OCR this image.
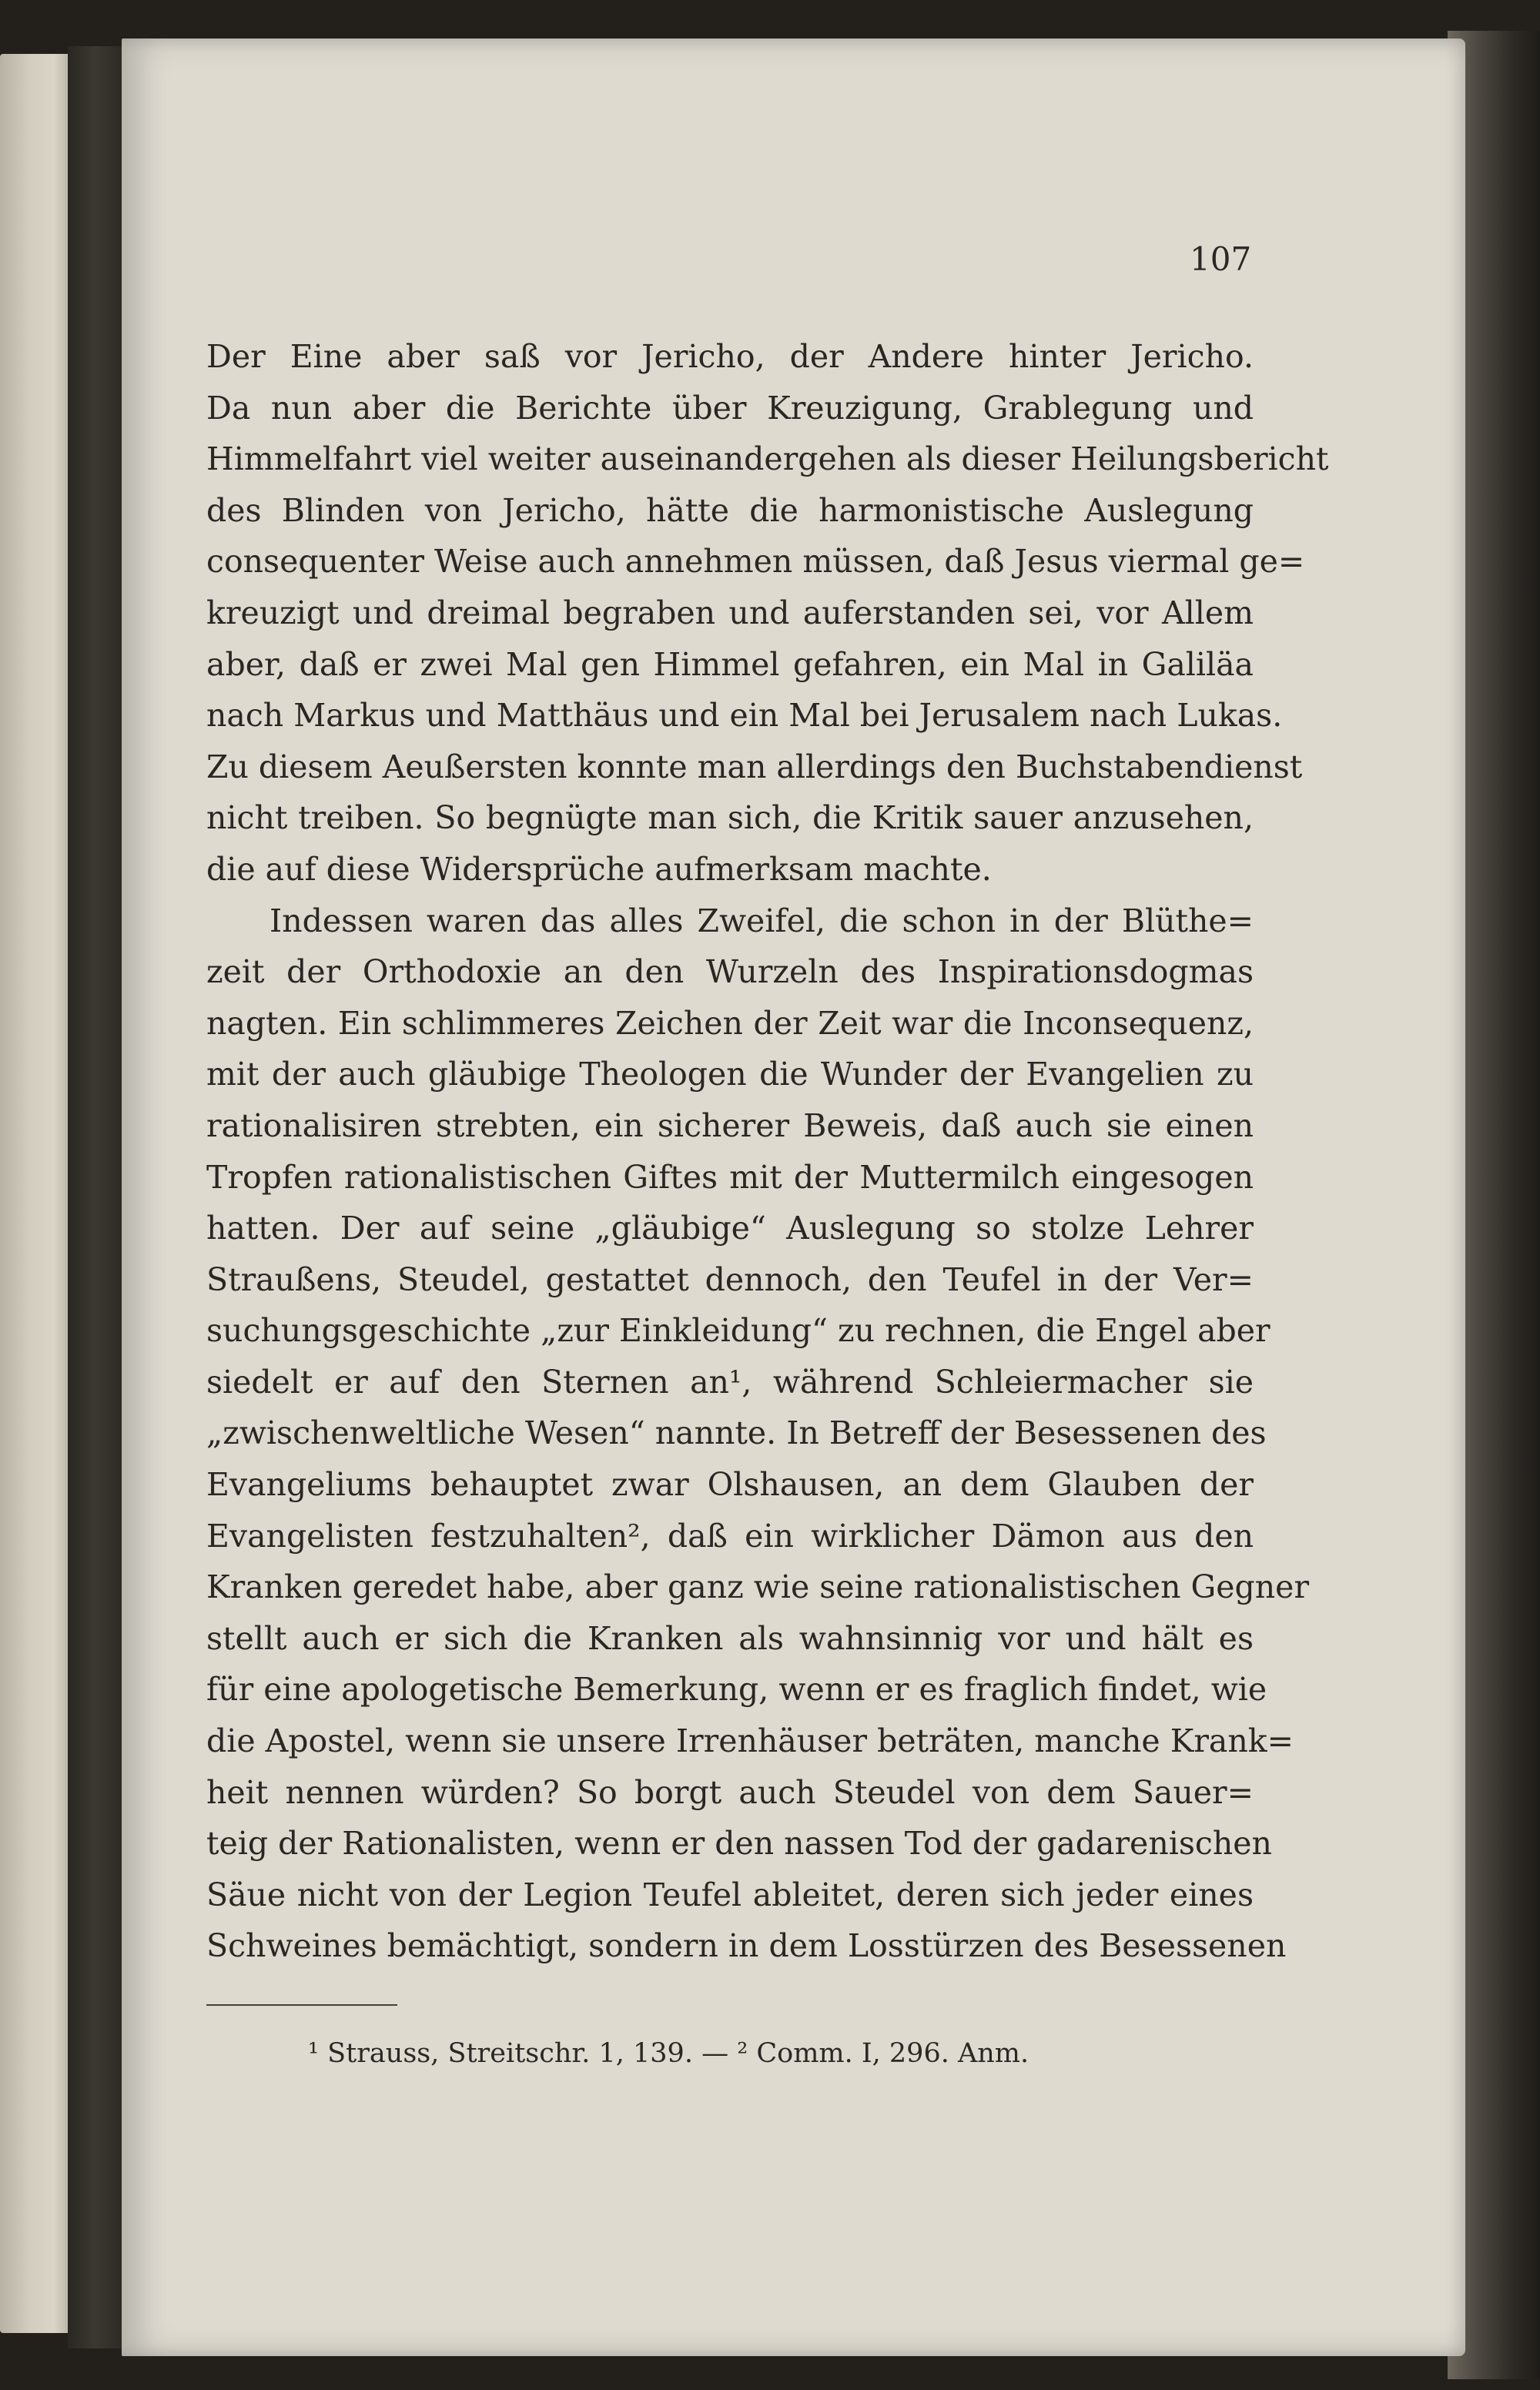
107
Der Eine aber saß vor Jericho, der Andere hinter Jericho.
Da nun aber die Berichte über Kreuzigung, Grablegung und
Himmelfahrt viel weiter auseinandergehen als dieser Heilungsbericht
des Blinden von Jericho, hätte die harmonistische Auslegung
consequenter Weise auch annehmen müssen, daß Jesus viermal ge=
kreuzigt und dreimal begraben und auferstanden sei, vor Allem
aber, daß er zwei Mal gen Himmel gefahren, ein Mal in Galiläa
nach Markus und Matthäus und ein Mal bei Jerusalem nach Lukas.
Zu diesem Aeußersten konnte man allerdings den Buchstabendienst
nicht treiben. So begnügte man sich, die Kritik sauer anzusehen,
die auf diese Widersprüche aufmerksam machte.
Indessen waren das alles Zweifel, die schon in der Blüthe=
zeit der Orthodoxie an den Wurzeln des Inspirationsdogmas
nagten. Ein schlimmeres Zeichen der Zeit war die Inconsequenz,
mit der auch gläubige Theologen die Wunder der Evangelien zu
rationalisiren strebten, ein sicherer Beweis, daß auch sie einen
Tropfen rationalistischen Giftes mit der Muttermilch eingesogen
hatten. Der auf seine „gläubige“ Auslegung so stolze Lehrer
Straußens, Steudel, gestattet dennoch, den Teufel in der Ver=
suchungsgeschichte „zur Einkleidung“ zu rechnen, die Engel aber
siedelt er auf den Sternen an¹, während Schleiermacher sie
„zwischenweltliche Wesen“ nannte. In Betreff der Besessenen des
Evangeliums behauptet zwar Olshausen, an dem Glauben der
Evangelisten festzuhalten², daß ein wirklicher Dämon aus den
Kranken geredet habe, aber ganz wie seine rationalistischen Gegner
stellt auch er sich die Kranken als wahnsinnig vor und hält es
für eine apologetische Bemerkung, wenn er es fraglich findet, wie
die Apostel, wenn sie unsere Irrenhäuser beträten, manche Krank=
heit nennen würden? So borgt auch Steudel von dem Sauer=
teig der Rationalisten, wenn er den nassen Tod der gadarenischen
Säue nicht von der Legion Teufel ableitet, deren sich jeder eines
Schweines bemächtigt, sondern in dem Losstürzen des Besessenen
¹ Strauss, Streitschr. 1, 139. — ² Comm. I, 296. Anm.
